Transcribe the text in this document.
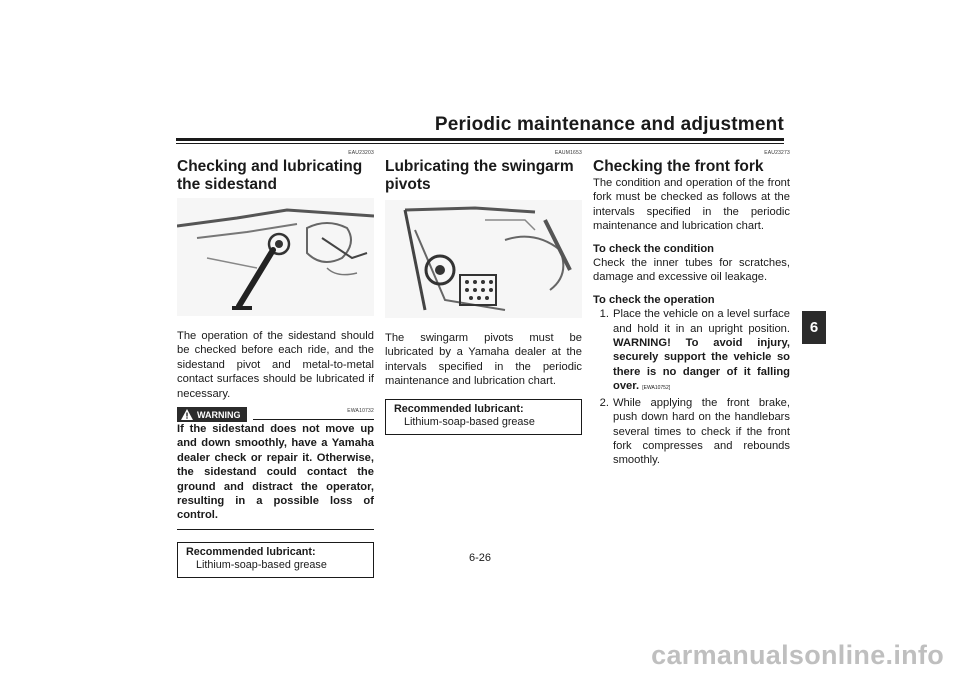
Periodic maintenance and adjustment
6
EAU23203
Checking and lubricating the sidestand

The operation of the sidestand should be checked before each ride, and the sidestand pivot and metal-to-metal contact surfaces should be lubricated if necessary.

WARNING	EWA10732
If the sidestand does not move up and down smoothly, have a Yamaha dealer check or repair it. Otherwise, the sidestand could contact the ground and distract the operator, resulting in a possible loss of control.
Recommended lubricant:
Lithium-soap-based grease
EAUM1653
Lubricating the swingarm pivots

The swingarm pivots must be lubricated by a Yamaha dealer at the intervals specified in the periodic maintenance and lubrication chart.

Recommended lubricant:
Lithium-soap-based grease
EAU23273
Checking the front fork

The condition and operation of the front fork must be checked as follows at the intervals specified in the periodic maintenance and lubrication chart.

To check the condition

Check the inner tubes for scratches, damage and excessive oil leakage.

To check the operation
1. Place the vehicle on a level surface and hold it in an upright position. WARNING! To avoid injury, securely support the vehicle so there is no danger of it falling over. [EWA10752]
2. While applying the front brake, push down hard on the handlebars several times to check if the front fork compresses and rebounds smoothly.
6-26
carmanualsonline.info
